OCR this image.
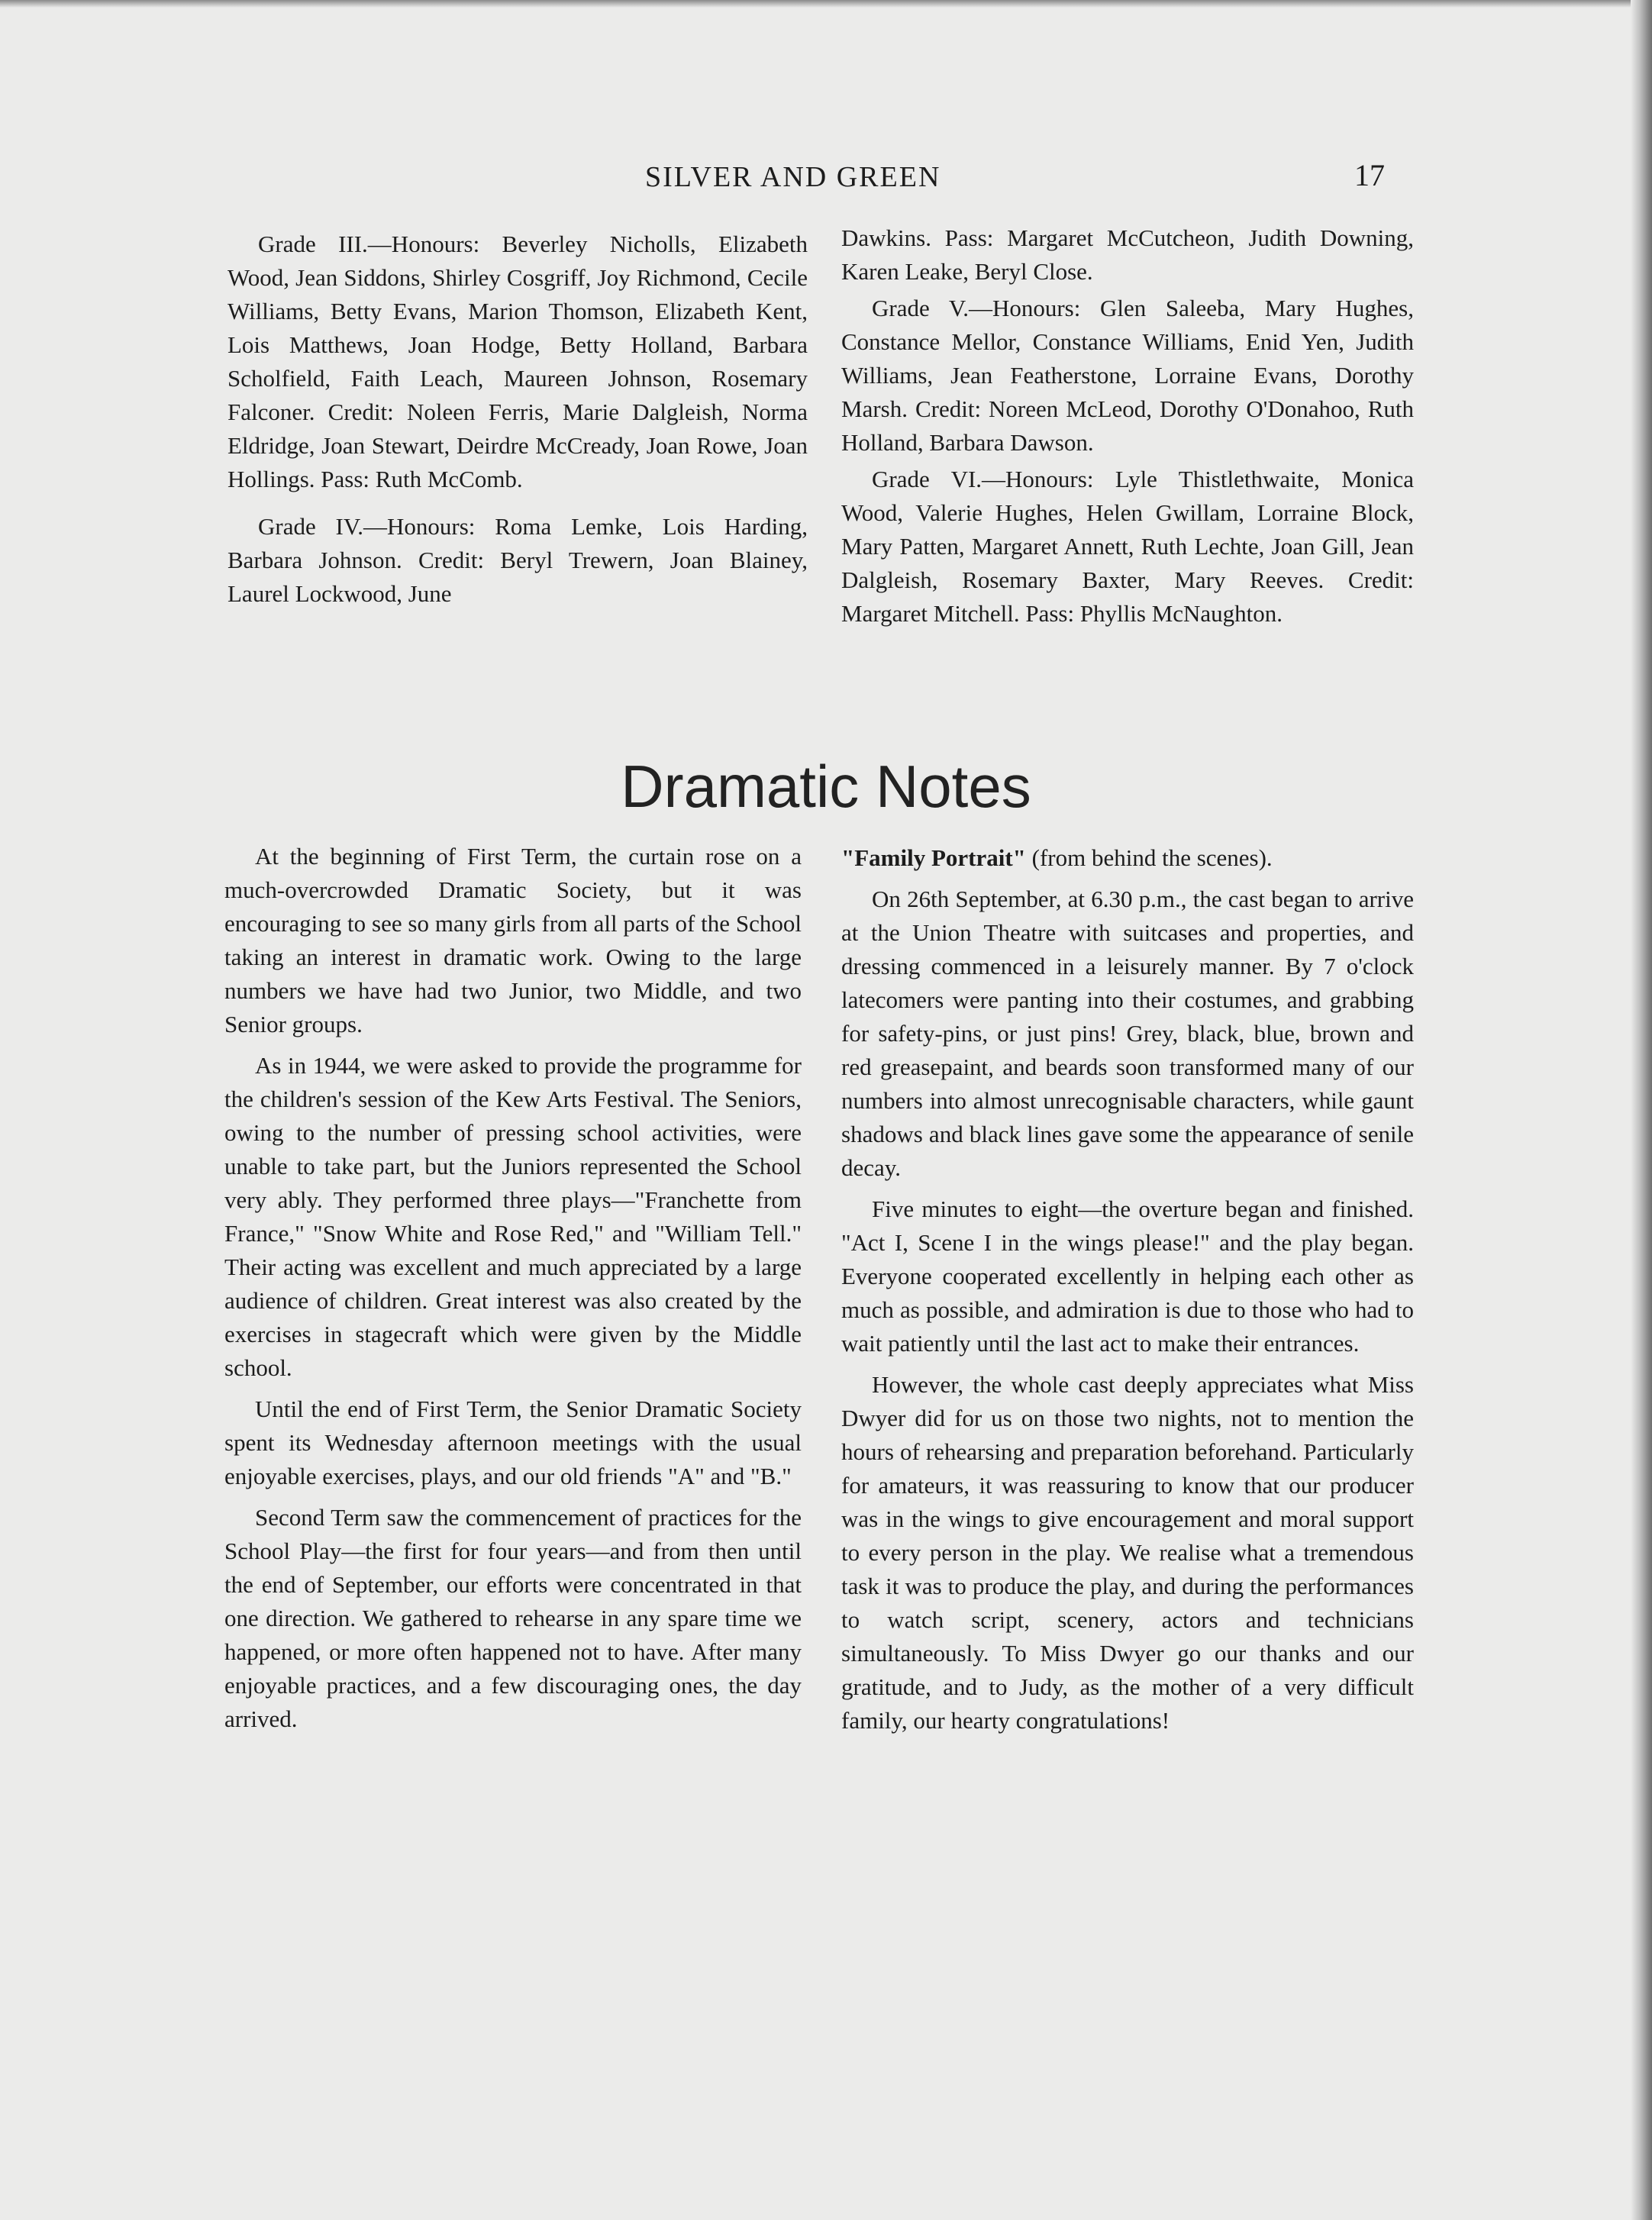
SILVER AND GREEN	17

Grade III.—Honours: Beverley Nicholls, Elizabeth Wood, Jean Siddons, Shirley Cosgriff, Joy Richmond, Cecile Williams, Betty Evans, Marion Thomson, Elizabeth Kent, Lois Matthews, Joan Hodge, Betty Holland, Barbara Scholfield, Faith Leach, Maureen Johnson, Rosemary Falconer. Credit: Noleen Ferris, Marie Dalgleish, Norma Eldridge, Joan Stewart, Deirdre McCready, Joan Rowe, Joan Hollings. Pass: Ruth McComb.

Grade IV.—Honours: Roma Lemke, Lois Harding, Barbara Johnson. Credit: Beryl Trewern, Joan Blainey, Laurel Lockwood, June

Dawkins. Pass: Margaret McCutcheon, Judith Downing, Karen Leake, Beryl Close.

Grade V.—Honours: Glen Saleeba, Mary Hughes, Constance Mellor, Constance Williams, Enid Yen, Judith Williams, Jean Featherstone, Lorraine Evans, Dorothy Marsh. Credit: Noreen McLeod, Dorothy O'Donahoo, Ruth Holland, Barbara Dawson.

Grade VI.—Honours: Lyle Thistlethwaite, Monica Wood, Valerie Hughes, Helen Gwillam, Lorraine Block, Mary Patten, Margaret Annett, Ruth Lechte, Joan Gill, Jean Dalgleish, Rosemary Baxter, Mary Reeves. Credit: Margaret Mitchell. Pass: Phyllis McNaughton.

Dramatic Notes

At the beginning of First Term, the curtain rose on a much-overcrowded Dramatic Society, but it was encouraging to see so many girls from all parts of the School taking an interest in dramatic work. Owing to the large numbers we have had two Junior, two Middle, and two Senior groups.

As in 1944, we were asked to provide the programme for the children's session of the Kew Arts Festival. The Seniors, owing to the number of pressing school activities, were unable to take part, but the Juniors represented the School very ably. They performed three plays—"Franchette from France," "Snow White and Rose Red," and "William Tell." Their acting was excellent and much appreciated by a large audience of children. Great interest was also created by the exercises in stagecraft which were given by the Middle school.

Until the end of First Term, the Senior Dramatic Society spent its Wednesday afternoon meetings with the usual enjoyable exercises, plays, and our old friends "A" and "B."

Second Term saw the commencement of practices for the School Play—the first for four years—and from then until the end of September, our efforts were concentrated in that one direction. We gathered to rehearse in any spare time we happened, or more often happened not to have. After many enjoyable practices, and a few discouraging ones, the day arrived.

"Family Portrait" (from behind the scenes).

On 26th September, at 6.30 p.m., the cast began to arrive at the Union Theatre with suitcases and properties, and dressing commenced in a leisurely manner. By 7 o'clock latecomers were panting into their costumes, and grabbing for safety-pins, or just pins! Grey, black, blue, brown and red greasepaint, and beards soon transformed many of our numbers into almost unrecognisable characters, while gaunt shadows and black lines gave some the appearance of senile decay.

Five minutes to eight—the overture began and finished. "Act I, Scene I in the wings please!" and the play began. Everyone cooperated excellently in helping each other as much as possible, and admiration is due to those who had to wait patiently until the last act to make their entrances.

However, the whole cast deeply appreciates what Miss Dwyer did for us on those two nights, not to mention the hours of rehearsing and preparation beforehand. Particularly for amateurs, it was reassuring to know that our producer was in the wings to give encouragement and moral support to every person in the play. We realise what a tremendous task it was to produce the play, and during the performances to watch script, scenery, actors and technicians simultaneously. To Miss Dwyer go our thanks and our gratitude, and to Judy, as the mother of a very difficult family, our hearty congratulations!
